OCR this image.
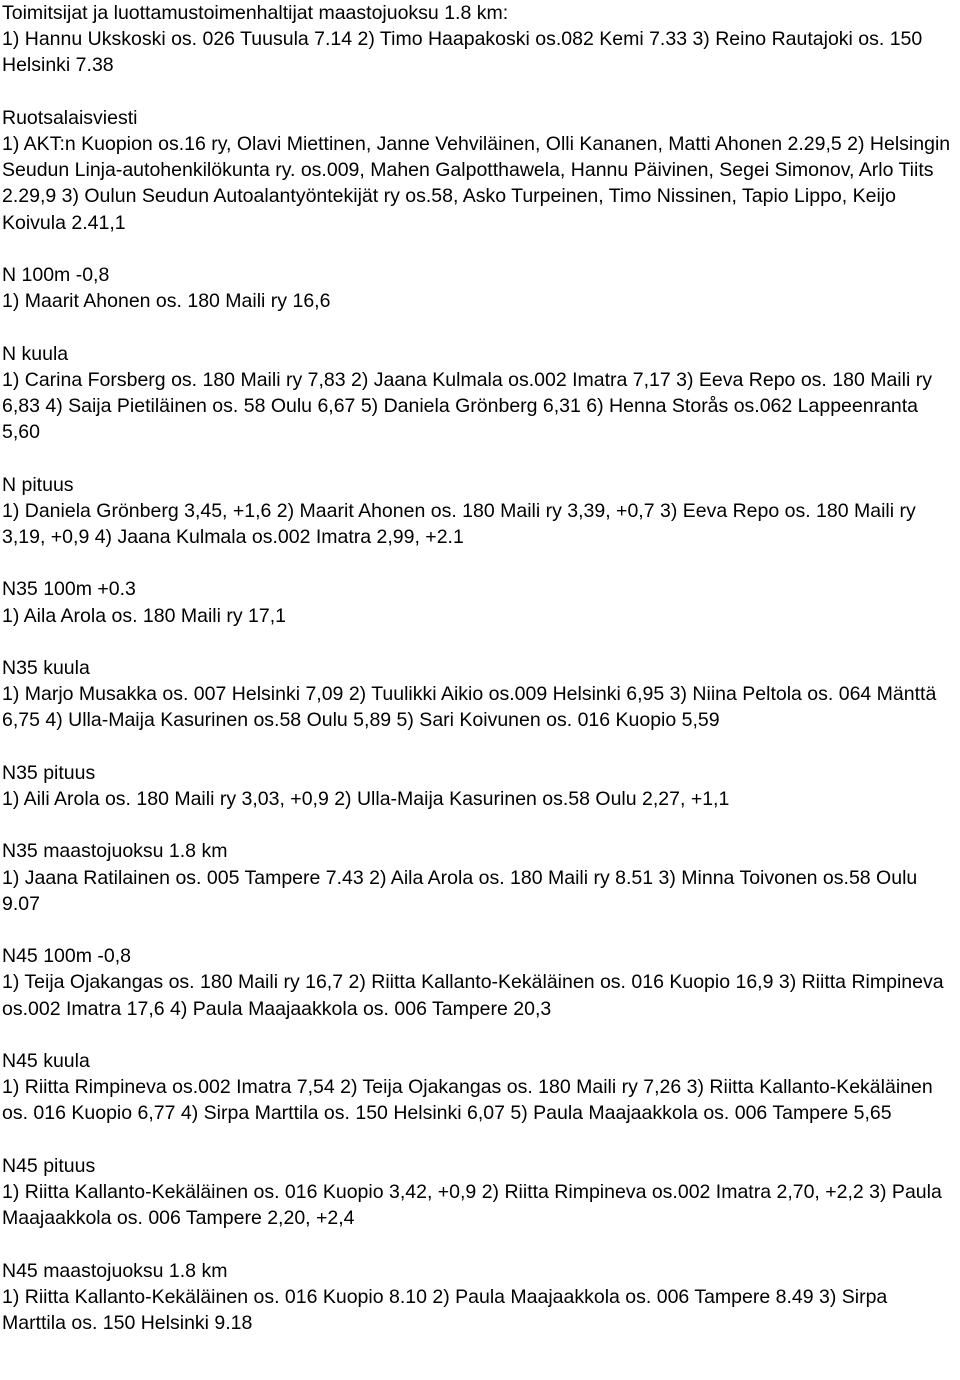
Toimitsijat ja luottamustoimenhaltijat maastojuoksu 1.8 km:

1) Hannu Ukskoski os. 026 Tuusula 7.14 2) Timo Haapakoski os.082 Kemi 7.33 3) Reino Rautajoki os. 150 Helsinki 7.38

Ruotsalaisviesti

1) AKT:n Kuopion os.16 ry, Olavi Miettinen, Janne Vehviläinen, Olli Kananen, Matti Ahonen 2.29,5 2) Helsingin Seudun Linja-autohenkilökunta ry. os.009, Mahen Galpotthawela, Hannu Päivinen, Segei Simonov, Arlo Tiits 2.29,9 3) Oulun Seudun Autoalantyöntekijät ry os.58, Asko Turpeinen, Timo Nissinen, Tapio Lippo, Keijo Koivula 2.41,1

N 100m -0,8

1) Maarit Ahonen os. 180 Maili ry 16,6

N kuula

1) Carina Forsberg os. 180 Maili ry 7,83 2) Jaana Kulmala os.002 Imatra 7,17 3) Eeva Repo os. 180 Maili ry 6,83 4) Saija Pietiläinen os. 58 Oulu 6,67 5) Daniela Grönberg 6,31 6) Henna Storås os.062 Lappeenranta 5,60

N pituus

1) Daniela Grönberg 3,45, +1,6 2) Maarit Ahonen os. 180 Maili ry 3,39, +0,7 3) Eeva Repo os. 180 Maili ry 3,19, +0,9 4) Jaana Kulmala os.002 Imatra 2,99, +2.1

N35 100m +0.3

1) Aila Arola os. 180 Maili ry 17,1

N35 kuula

1) Marjo Musakka os. 007 Helsinki 7,09 2) Tuulikki Aikio os.009 Helsinki 6,95 3) Niina Peltola os. 064 Mänttä 6,75 4) Ulla-Maija Kasurinen os.58 Oulu 5,89 5) Sari Koivunen os. 016 Kuopio 5,59

N35 pituus

1) Aili Arola os. 180 Maili ry 3,03, +0,9 2) Ulla-Maija Kasurinen os.58 Oulu 2,27, +1,1

N35 maastojuoksu 1.8 km

1) Jaana Ratilainen os. 005 Tampere 7.43 2) Aila Arola os. 180 Maili ry 8.51 3) Minna Toivonen os.58 Oulu 9.07

N45 100m -0,8

1) Teija Ojakangas os. 180 Maili ry 16,7 2) Riitta Kallanto-Kekäläinen os. 016 Kuopio 16,9 3) Riitta Rimpineva os.002 Imatra 17,6 4) Paula Maajaakkola os. 006 Tampere 20,3

N45 kuula

1) Riitta Rimpineva os.002 Imatra 7,54 2) Teija Ojakangas os. 180 Maili ry 7,26 3) Riitta Kallanto-Kekäläinen os. 016 Kuopio 6,77 4) Sirpa Marttila os. 150 Helsinki 6,07 5) Paula Maajaakkola os. 006 Tampere 5,65

N45 pituus

1) Riitta Kallanto-Kekäläinen os. 016 Kuopio 3,42, +0,9 2) Riitta Rimpineva os.002 Imatra 2,70, +2,2 3) Paula Maajaakkola os. 006 Tampere 2,20, +2,4

N45 maastojuoksu 1.8 km

1) Riitta Kallanto-Kekäläinen os. 016 Kuopio 8.10 2) Paula Maajaakkola os. 006 Tampere 8.49 3) Sirpa Marttila os. 150 Helsinki 9.18
